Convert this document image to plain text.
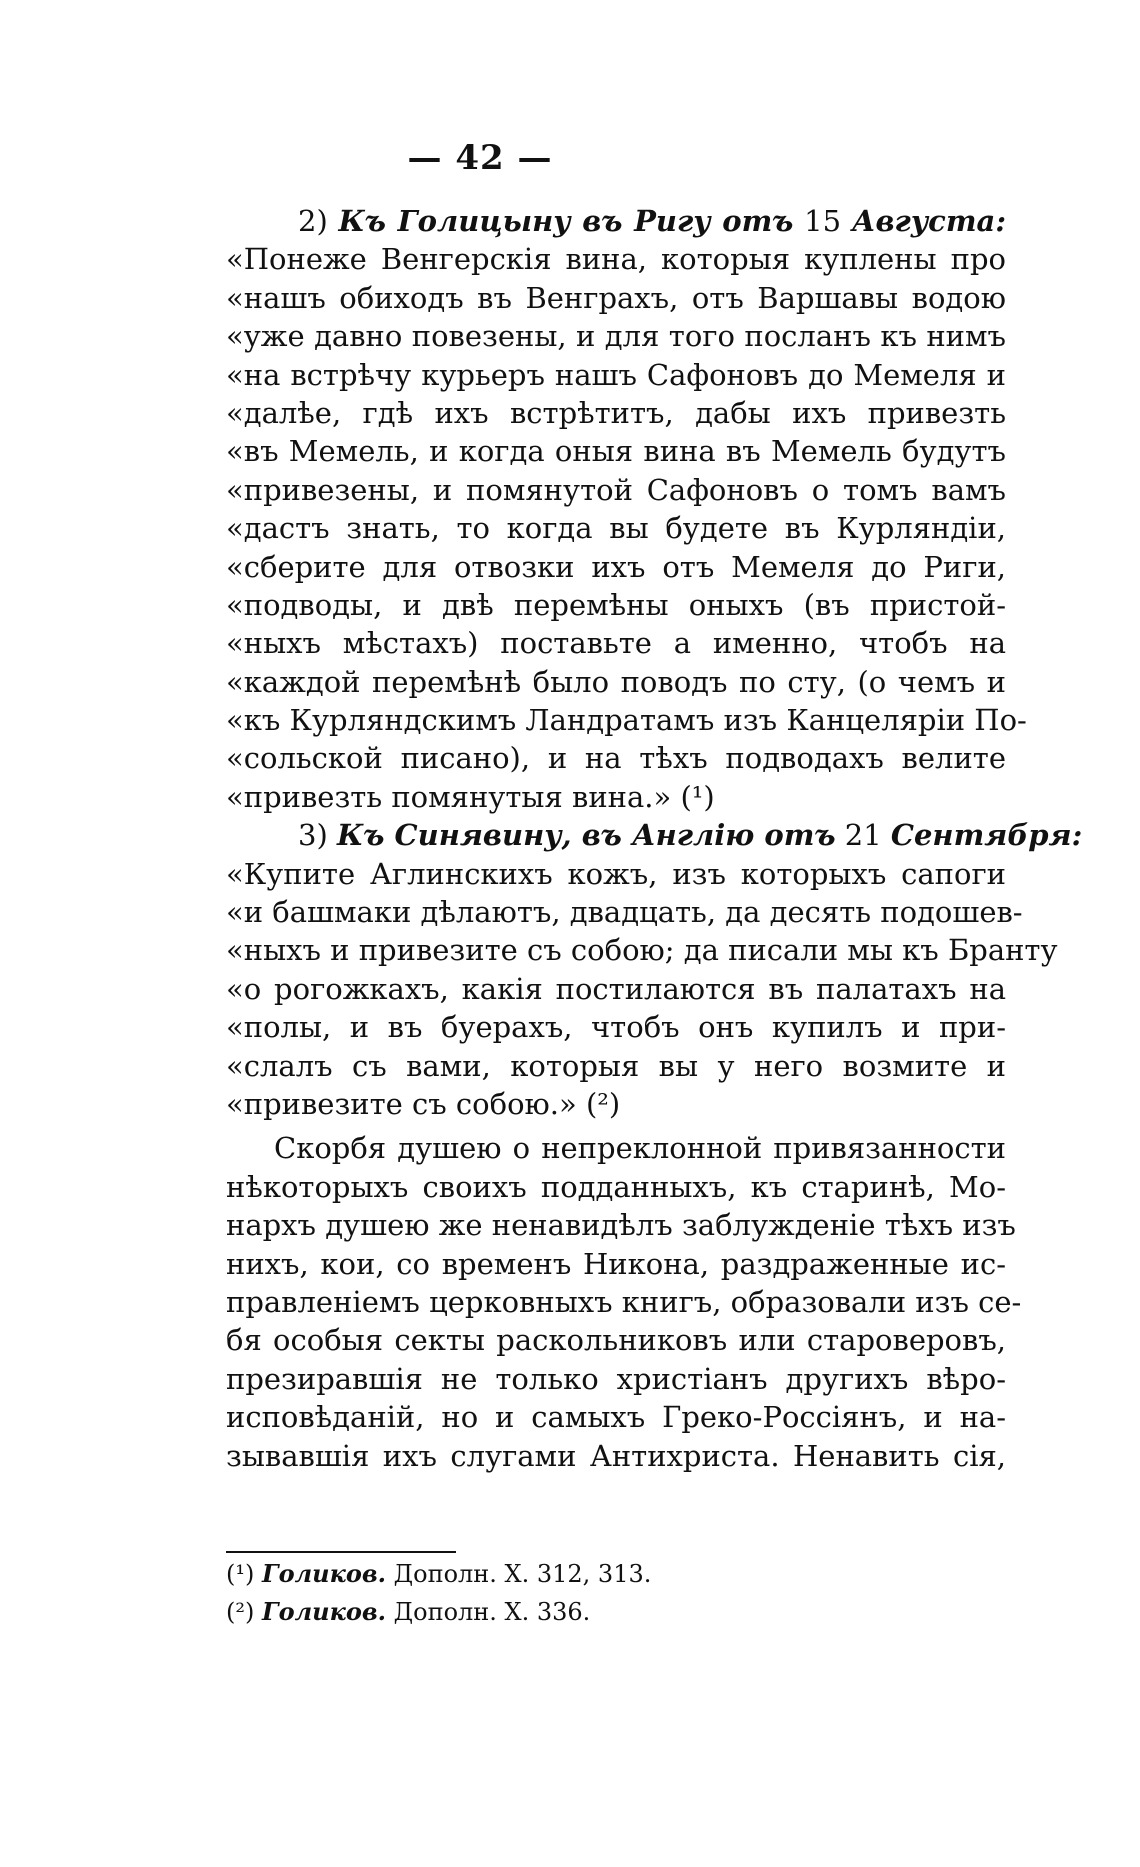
— 42 —
2) Къ Голицыну въ Ригу отъ 15 Августа:
«Понеже Венгерскія вина, которыя куплены про
«нашъ обиходъ въ Венграхъ, отъ Варшавы водою
«уже давно повезены, и для того посланъ къ нимъ
«на встрѣчу курьеръ нашъ Сафоновъ до Мемеля и
«далѣе, гдѣ ихъ встрѣтитъ, дабы ихъ привезть
«въ Мемель, и когда оныя вина въ Мемель будутъ
«привезены, и помянутой Сафоновъ о томъ вамъ
«дастъ знать, то когда вы будете въ Курляндіи,
«сберите для отвозки ихъ отъ Мемеля до Риги,
«подводы, и двѣ перемѣны оныхъ (въ пристой-
«ныхъ мѣстахъ) поставьте а именно, чтобъ на
«каждой перемѣнѣ было поводъ по сту, (о чемъ и
«къ Курляндскимъ Ландратамъ изъ Канцеляріи По-
«сольской писано), и на тѣхъ подводахъ велите
«привезть помянутыя вина.» (¹)
3) Къ Синявину, въ Англію отъ 21 Сентября:
«Купите Аглинскихъ кожъ, изъ которыхъ сапоги
«и башмаки дѣлаютъ, двадцать, да десять подошев-
«ныхъ и привезите съ собою; да писали мы къ Бранту
«о рогожкахъ, какія постилаются въ палатахъ на
«полы, и въ буерахъ, чтобъ онъ купилъ и при-
«слалъ съ вами, которыя вы у него возмите и
«привезите съ собою.» (²)
Скорбя душею о непреклонной привязанности
нѣкоторыхъ своихъ подданныхъ, къ старинѣ, Мо-
нархъ душею же ненавидѣлъ заблужденіе тѣхъ изъ
нихъ, кои, со временъ Никона, раздраженные ис-
правленіемъ церковныхъ книгъ, образовали изъ се-
бя особыя секты раскольниковъ или староверовъ,
презиравшія не только христіанъ другихъ вѣро-
исповѣданій, но и самыхъ Греко-Россіянъ, и на-
зывавшія ихъ слугами Антихриста. Ненавить сія,
(¹) Голиков. Дополн. X. 312, 313.
(²) Голиков. Дополн. X. 336.
